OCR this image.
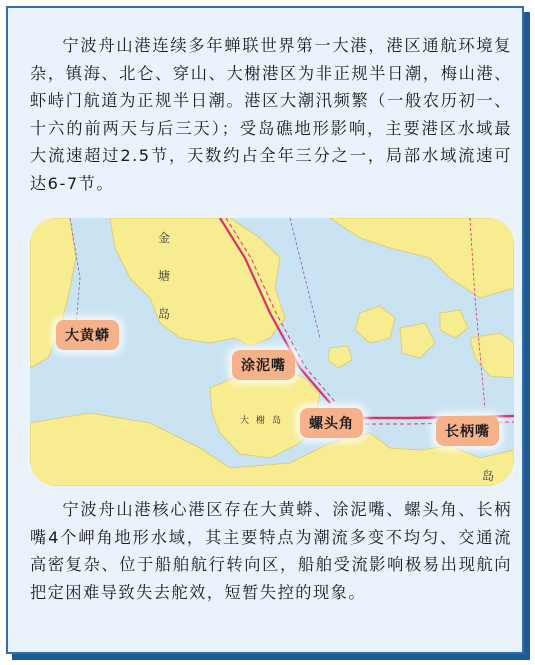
宁波舟山港连续多年蝉联世界第一大港，港区通航环境复杂，镇海、北仑、穿山、大榭港区为非正规半日潮，梅山港、虾峙门航道为正规半日潮。港区大潮汛频繁（一般农历初一、十六的前两天与后三天）；受岛礁地形影响，主要港区水域最大流速超过2.5节，天数约占全年三分之一，局部水域流速可达6-7节。

金
塘
岛
大 榭 岛
岛
大黄蟒
涂泥嘴
螺头角	长柄嘴

宁波舟山港核心港区存在大黄蟒、涂泥嘴、螺头角、长柄嘴4个岬角地形水域，其主要特点为潮流多变不均匀、交通流高密复杂、位于船舶航行转向区，船舶受流影响极易出现航向把定困难导致失去舵效，短暂失控的现象。
